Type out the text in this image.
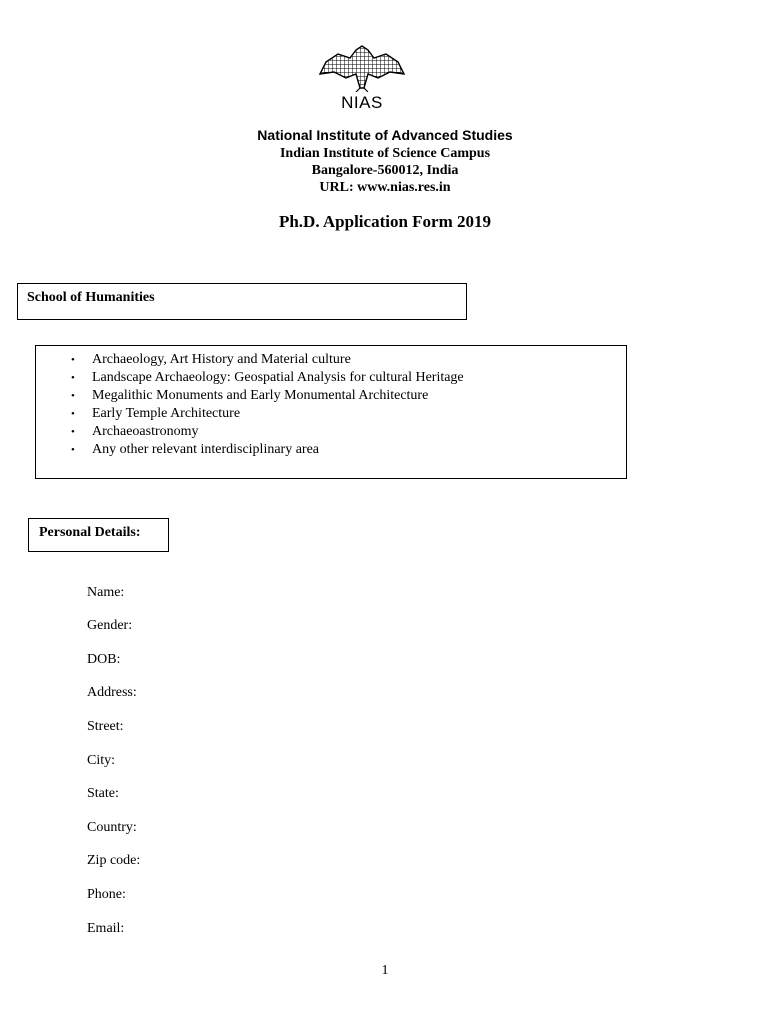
NIAS
National Institute of Advanced Studies
Indian Institute of Science Campus
Bangalore-560012, India
URL: www.nias.res.in
Ph.D. Application Form 2019
School of Humanities
• Archaeology, Art History and Material culture
• Landscape Archaeology: Geospatial Analysis for cultural Heritage
• Megalithic Monuments and Early Monumental Architecture
• Early Temple Architecture
• Archaeoastronomy
• Any other relevant interdisciplinary area
Personal Details:
Name:
Gender:
DOB:
Address:
Street:
City:
State:
Country:
Zip code:
Phone:
Email:
1
